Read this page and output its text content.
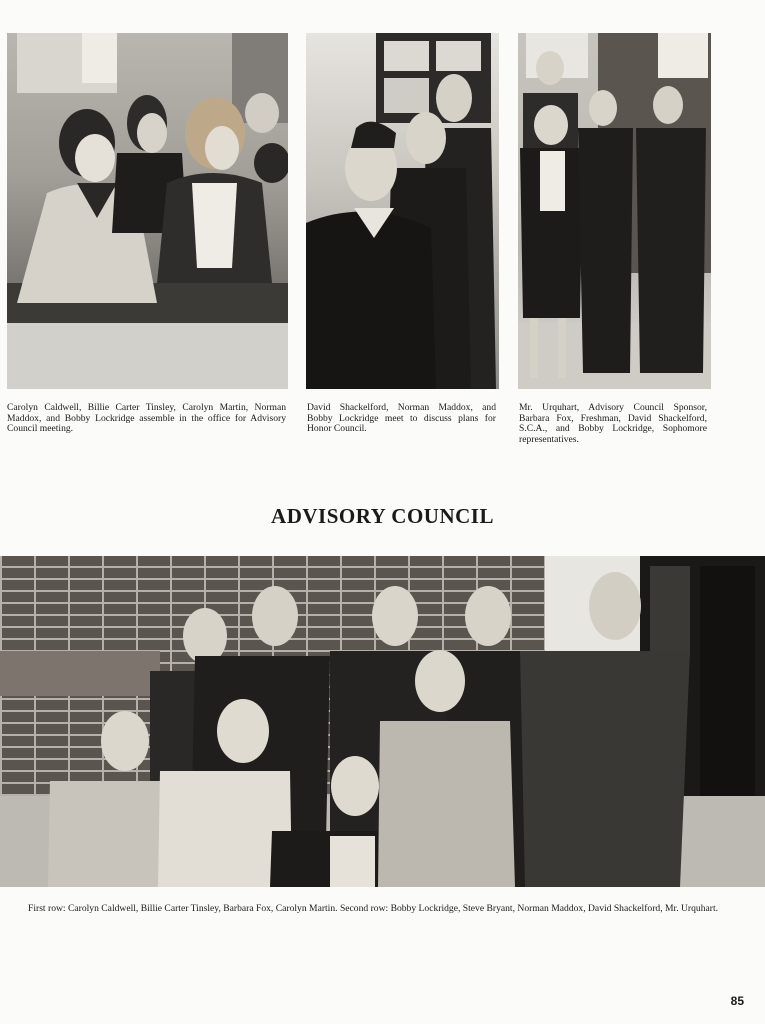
Carolyn Caldwell, Billie Carter Tinsley, Carolyn Martin, Norman Maddox, and Bobby Lockridge assemble in the office for Advisory Council meeting.

David Shackelford, Norman Maddox, and Bobby Lockridge meet to discuss plans for Honor Council.

Mr. Urquhart, Advisory Council Sponsor, Barbara Fox, Freshman, David Shackelford, S.C.A., and Bobby Lockridge, Sophomore representatives.

ADVISORY COUNCIL

First row: Carolyn Caldwell, Billie Carter Tinsley, Barbara Fox, Carolyn Martin. Second row: Bobby Lockridge, Steve Bryant, Norman Maddox, David Shackelford, Mr. Urquhart.

85
